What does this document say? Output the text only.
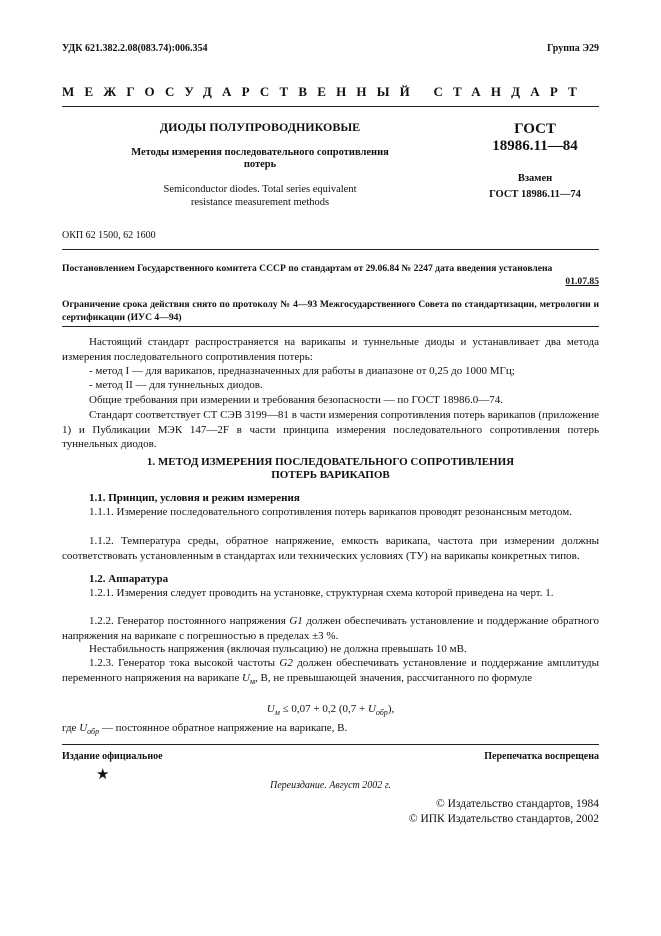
УДК 621.382.2.08(083.74):006.354	Группа Э29
МЕЖГОСУДАРСТВЕННЫЙ СТАНДАРТ
ДИОДЫ ПОЛУПРОВОДНИКОВЫЕ
Методы измерения последовательного сопротивления
потерь
Semiconductor diodes. Total series equivalent
resistance measurement methods
ГОСТ
18986.11—84
Взамен
ГОСТ 18986.11—74
ОКП 62 1500, 62 1600
Постановлением Государственного комитета СССР по стандартам от 29.06.84 № 2247 дата введения установлена
01.07.85
Ограничение срока действия снято по протоколу № 4—93 Межгосударственного Совета по стандартизации, метрологии и сертификации (ИУС 4—94)
Настоящий стандарт распространяется на варикапы и туннельные диоды и устанавливает два метода измерения последовательного сопротивления потерь:
- метод I — для варикапов, предназначенных для работы в диапазоне от 0,25 до 1000 МГц;
- метод II — для туннельных диодов.
Общие требования при измерении и требования безопасности — по ГОСТ 18986.0—74.
Стандарт соответствует СТ СЭВ 3199—81 в части измерения сопротивления потерь варикапов (приложение 1) и Публикации МЭК 147—2F в части принципа измерения последовательного сопротивления потерь туннельных диодов.
1. МЕТОД ИЗМЕРЕНИЯ ПОСЛЕДОВАТЕЛЬНОГО СОПРОТИВЛЕНИЯ
ПОТЕРЬ ВАРИКАПОВ
1.1. Принцип, условия и режим измерения
1.1.1. Измерение последовательного сопротивления потерь варикапов проводят резонансным методом.
1.1.2. Температура среды, обратное напряжение, емкость варикапа, частота при измерении должны соответствовать установленным в стандартах или технических условиях (ТУ) на варикапы конкретных типов.
1.2. Аппаратура
1.2.1. Измерения следует проводить на установке, структурная схема которой приведена на черт. 1.
1.2.2. Генератор постоянного напряжения G1 должен обеспечивать установление и поддержание обратного напряжения на варикапе с погрешностью в пределах ±3 %.
Нестабильность напряжения (включая пульсацию) не должна превышать 10 мВ.
1.2.3. Генератор тока высокой частоты G2 должен обеспечивать установление и поддержание амплитуды переменного напряжения на варикапе $U_м$, В, не превышающей значения, рассчитанного по формуле
$U_м \le 0,07 + 0,2$ $(0,7 + U_{обр})$,
где $U_{обр}$ — постоянное обратное напряжение на варикапе, В.
Издание официальное	Перепечатка воспрещена
★
Переиздание. Август 2002 г.
© Издательство стандартов, 1984
© ИПК Издательство стандартов, 2002
